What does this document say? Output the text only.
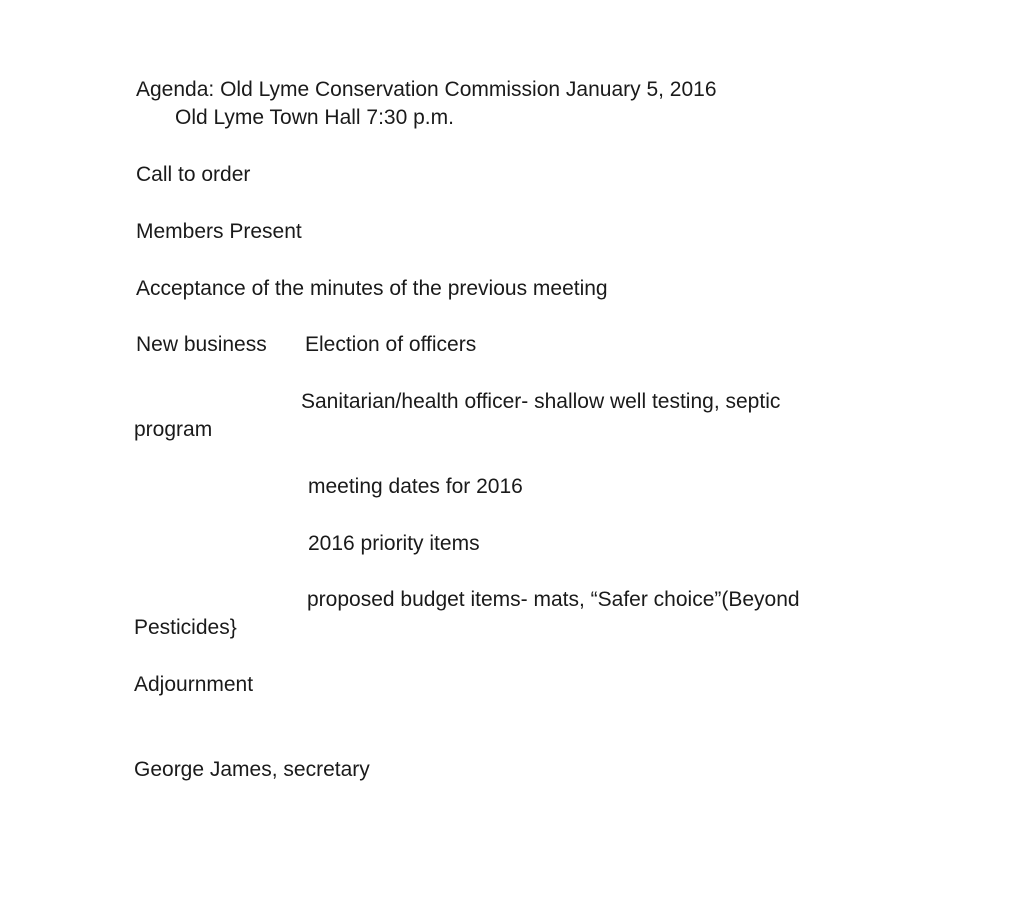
Agenda: Old Lyme Conservation Commission January 5, 2016
Old Lyme Town Hall 7:30 p.m.
Call to order
Members Present
Acceptance of the minutes of the previous meeting
New business Election of officers
Sanitarian/health officer- shallow well testing, septic
program
meeting dates for 2016
2016 priority items
proposed budget items- mats, “Safer choice”(Beyond
Pesticides}
Adjournment
George James, secretary
